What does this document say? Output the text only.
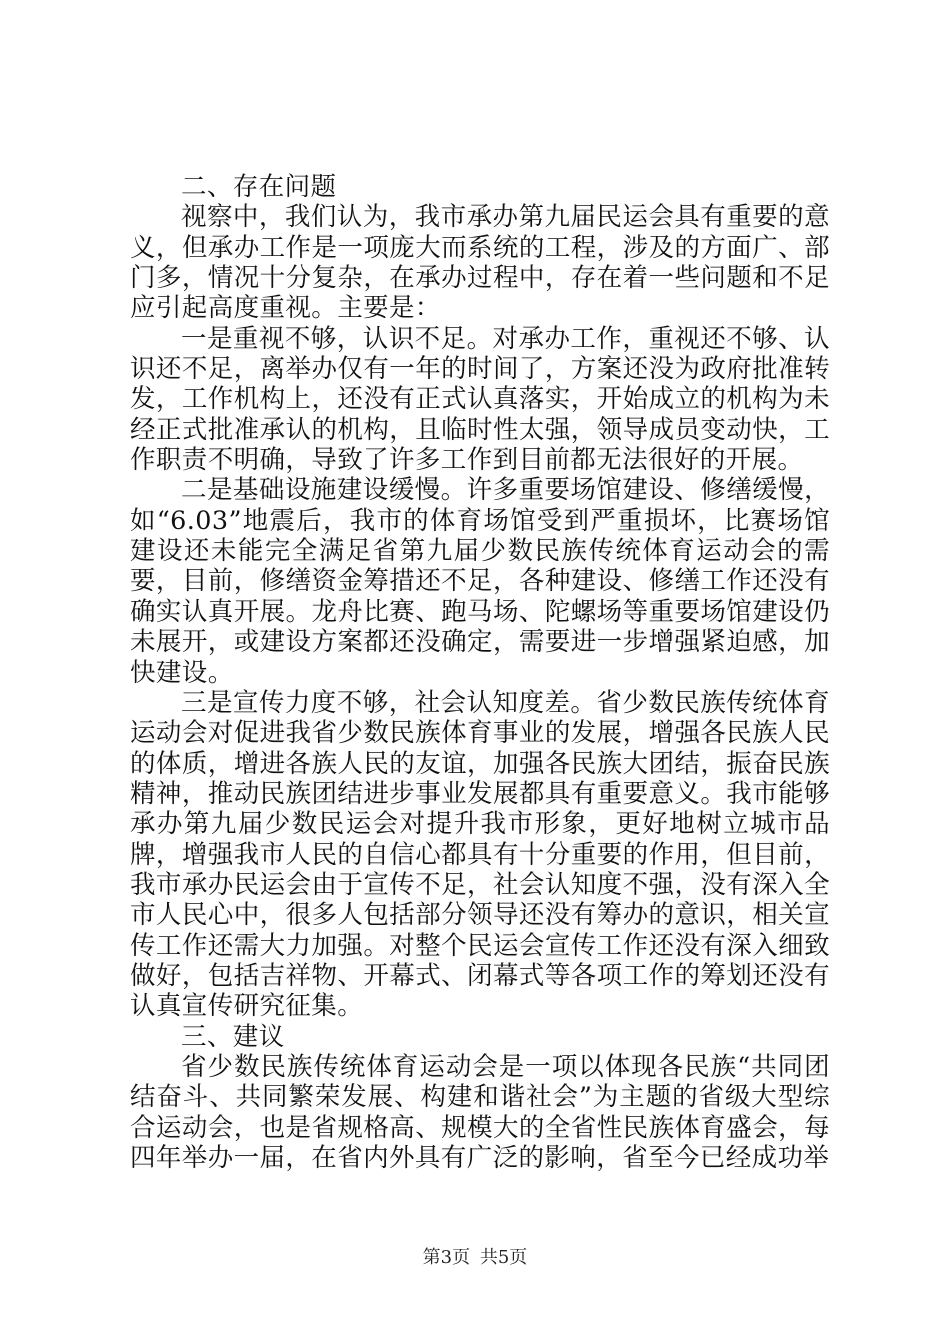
二、存在问题

视察中，我们认为，我市承办第九届民运会具有重要的意义，但承办工作是一项庞大而系统的工程，涉及的方面广、部门多，情况十分复杂，在承办过程中，存在着一些问题和不足应引起高度重视。主要是：

一是重视不够，认识不足。对承办工作，重视还不够、认识还不足，离举办仅有一年的时间了，方案还没为政府批准转发，工作机构上，还没有正式认真落实，开始成立的机构为未经正式批准承认的机构，且临时性太强，领导成员变动快，工作职责不明确，导致了许多工作到目前都无法很好的开展。

二是基础设施建设缓慢。许多重要场馆建设、修缮缓慢，如“6.03”地震后，我市的体育场馆受到严重损坏，比赛场馆建设还未能完全满足省第九届少数民族传统体育运动会的需要，目前，修缮资金筹措还不足，各种建设、修缮工作还没有确实认真开展。龙舟比赛、跑马场、陀螺场等重要场馆建设仍未展开，或建设方案都还没确定，需要进一步增强紧迫感，加快建设。

三是宣传力度不够，社会认知度差。省少数民族传统体育运动会对促进我省少数民族体育事业的发展，增强各民族人民的体质，增进各族人民的友谊，加强各民族大团结，振奋民族精神，推动民族团结进步事业发展都具有重要意义。我市能够承办第九届少数民运会对提升我市形象，更好地树立城市品牌，增强我市人民的自信心都具有十分重要的作用，但目前，我市承办民运会由于宣传不足，社会认知度不强，没有深入全市人民心中，很多人包括部分领导还没有筹办的意识，相关宣传工作还需大力加强。对整个民运会宣传工作还没有深入细致做好，包括吉祥物、开幕式、闭幕式等各项工作的筹划还没有认真宣传研究征集。

三、建议

省少数民族传统体育运动会是一项以体现各民族“共同团结奋斗、共同繁荣发展、构建和谐社会”为主题的省级大型综合运动会，也是省规格高、规模大的全省性民族体育盛会，每四年举办一届，在省内外具有广泛的影响，省至今已经成功举

第3页 共5页
